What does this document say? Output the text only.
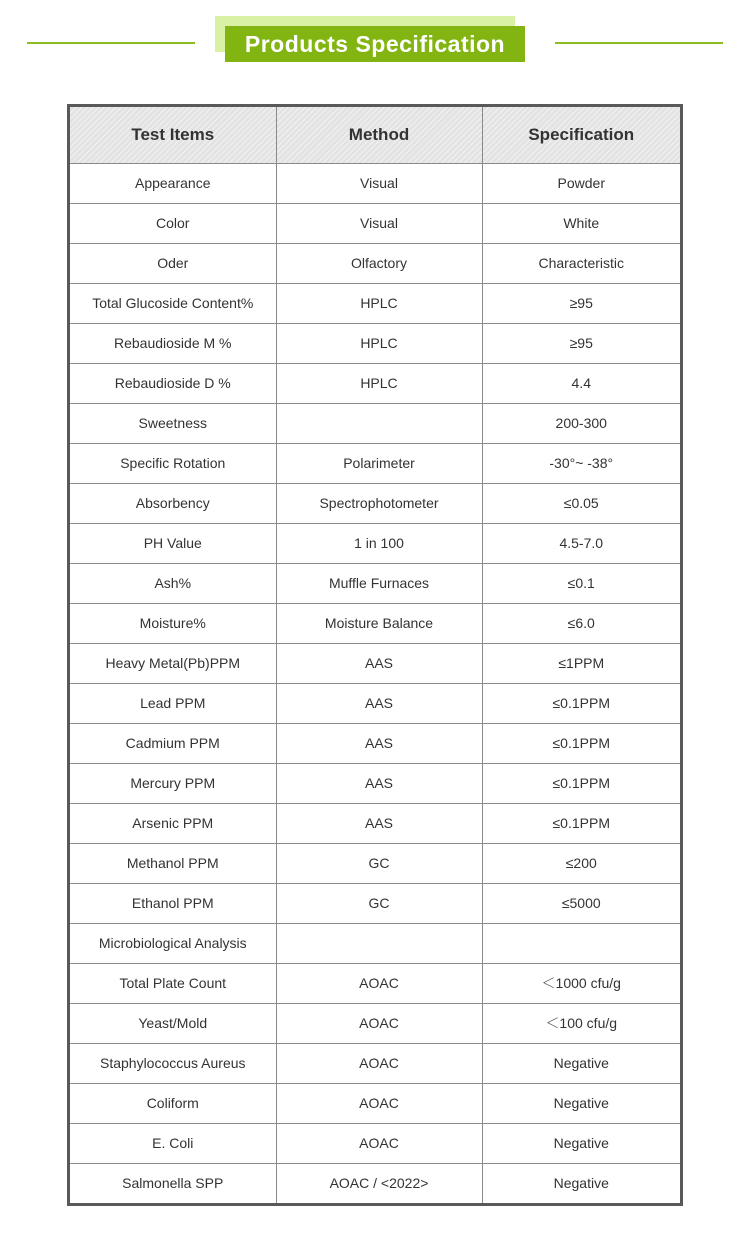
Products Specification
Test Items	Method	Specification
Appearance	Visual	Powder
Color	Visual	White
Oder	Olfactory	Characteristic
Total Glucoside Content%	HPLC	≥95
Rebaudioside M %	HPLC	≥95
Rebaudioside D %	HPLC	4.4
Sweetness		200-300
Specific Rotation	Polarimeter	-30°~ -38°
Absorbency	Spectrophotometer	≤0.05
PH Value	1 in 100	4.5-7.0
Ash%	Muffle Furnaces	≤0.1
Moisture%	Moisture Balance	≤6.0
Heavy Metal(Pb)PPM	AAS	≤1PPM
Lead PPM	AAS	≤0.1PPM
Cadmium PPM	AAS	≤0.1PPM
Mercury PPM	AAS	≤0.1PPM
Arsenic PPM	AAS	≤0.1PPM
Methanol PPM	GC	≤200
Ethanol PPM	GC	≤5000
Microbiological Analysis		
Total Plate Count	AOAC	＜1000 cfu/g
Yeast/Mold	AOAC	＜100 cfu/g
Staphylococcus Aureus	AOAC	Negative
Coliform	AOAC	Negative
E. Coli	AOAC	Negative
Salmonella SPP	AOAC / <2022>	Negative
